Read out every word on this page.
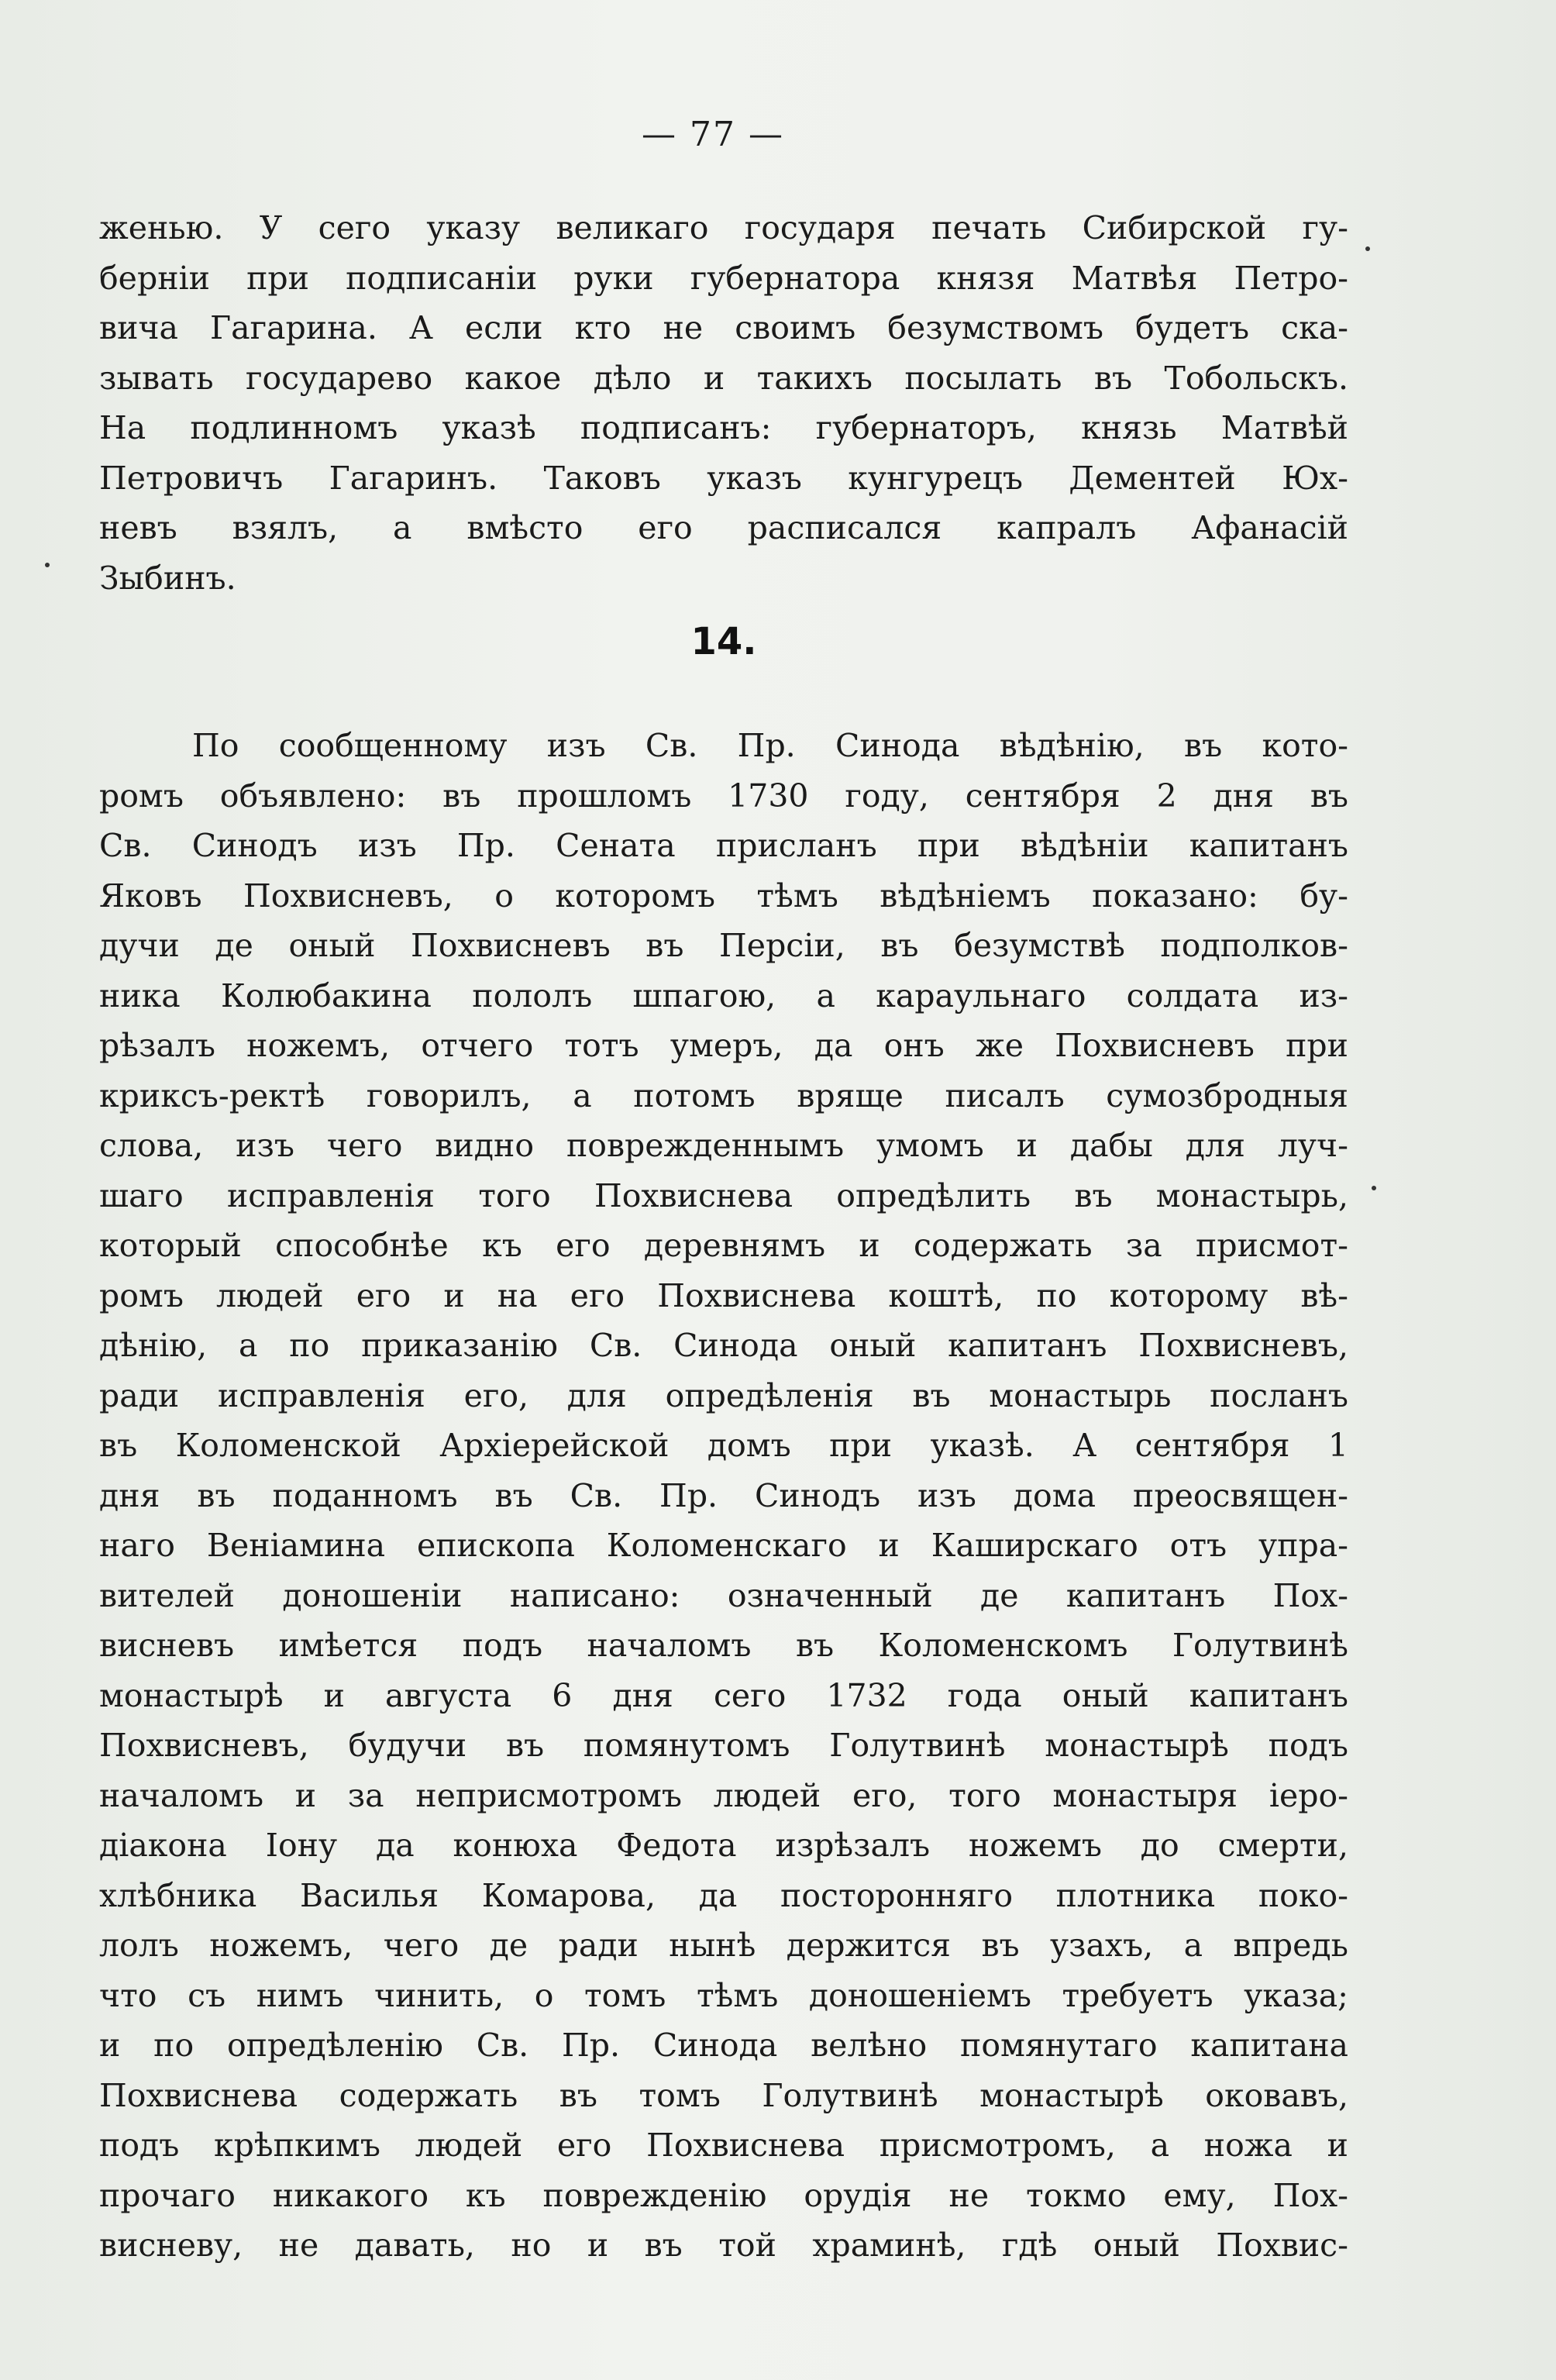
— 77 —
женью. У сего указу великаго государя печать Сибирской гу-
берніи при подписаніи руки губернатора князя Матвѣя Петро-
вича Гагарина. А если кто не своимъ безумствомъ будетъ ска-
зывать государево какое дѣло и такихъ посылать въ Тобольскъ.
На подлинномъ указѣ подписанъ: губернаторъ, князь Матвѣй
Петровичъ Гагаринъ. Таковъ указъ кунгурецъ Дементей Юх-
невъ взялъ, а вмѣсто его расписался капралъ Афанасій
Зыбинъ.
14.
По сообщенному изъ Св. Пр. Синода вѣдѣнію, въ кото-
ромъ объявлено: въ прошломъ 1730 году, сентября 2 дня въ
Св. Синодъ изъ Пр. Сената присланъ при вѣдѣніи капитанъ
Яковъ Похвисневъ, о которомъ тѣмъ вѣдѣніемъ показано: бу-
дучи де оный Похвисневъ въ Персіи, въ безумствѣ подполков-
ника Колюбакина пололъ шпагою, а караульнаго солдата из-
рѣзалъ ножемъ, отчего тотъ умеръ, да онъ же Похвисневъ при
криксъ-ректѣ говорилъ, а потомъ вряще писалъ сумозбродныя
слова, изъ чего видно поврежденнымъ умомъ и дабы для луч-
шаго исправленія того Похвиснева опредѣлить въ монастырь,
который способнѣе къ его деревнямъ и содержать за присмот-
ромъ людей его и на его Похвиснева коштѣ, по которому вѣ-
дѣнію, а по приказанію Св. Синода оный капитанъ Похвисневъ,
ради исправленія его, для опредѣленія въ монастырь посланъ
въ Коломенской Архіерейской домъ при указѣ. А сентября 1
дня въ поданномъ въ Св. Пр. Синодъ изъ дома преосвящен-
наго Веніамина епископа Коломенскаго и Каширскаго отъ упра-
вителей доношеніи написано: означенный де капитанъ Пох-
висневъ имѣется подъ началомъ въ Коломенскомъ Голутвинѣ
монастырѣ и августа 6 дня сего 1732 года оный капитанъ
Похвисневъ, будучи въ помянутомъ Голутвинѣ монастырѣ подъ
началомъ и за неприсмотромъ людей его, того монастыря іеро-
діакона Іону да конюха Федота изрѣзалъ ножемъ до смерти,
хлѣбника Василья Комарова, да посторонняго плотника поко-
лолъ ножемъ, чего де ради нынѣ держится въ узахъ, а впредь
что съ нимъ чинить, о томъ тѣмъ доношеніемъ требуетъ указа;
и по опредѣленію Св. Пр. Синода велѣно помянутаго капитана
Похвиснева содержать въ томъ Голутвинѣ монастырѣ оковавъ,
подъ крѣпкимъ людей его Похвиснева присмотромъ, а ножа и
прочаго никакого къ поврежденію орудія не токмо ему, Пох-
висневу, не давать, но и въ той храминѣ, гдѣ оный Похвис-
